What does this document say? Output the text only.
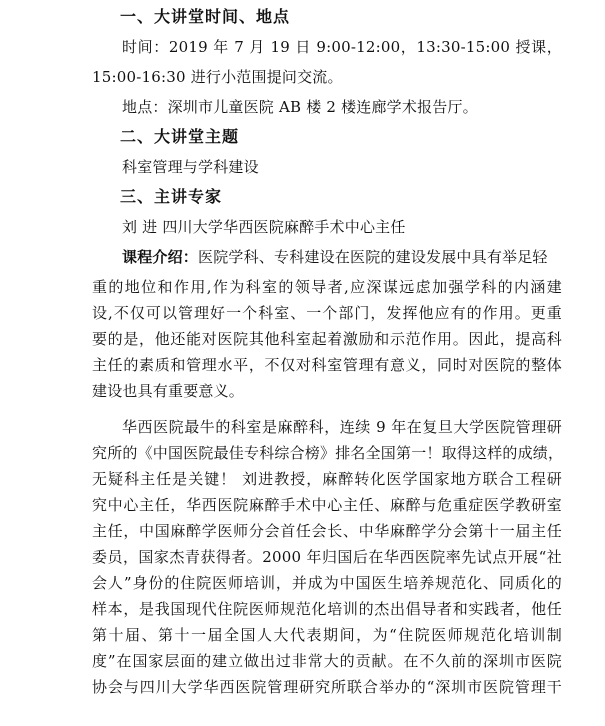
一、大讲堂时间、地点
时间：2019 年 7 月 19 日 9:00-12:00，13:30-15:00 授课，
15:00-16:30 进行小范围提问交流。
地点：深圳市儿童医院 AB 楼 2 楼连廊学术报告厅。
二、大讲堂主题
科室管理与学科建设
三、主讲专家
刘 进 四川大学华西医院麻醉手术中心主任
课程介绍：医院学科、专科建设在医院的建设发展中具有举足轻
重的地位和作用,作为科室的领导者,应深谋远虑加强学科的内涵建
设,不仅可以管理好一个科室、一个部门，发挥他应有的作用。更重
要的是，他还能对医院其他科室起着激励和示范作用。因此，提高科
主任的素质和管理水平，不仅对科室管理有意义，同时对医院的整体
建设也具有重要意义。
华西医院最牛的科室是麻醉科，连续 9 年在复旦大学医院管理研
究所的《中国医院最佳专科综合榜》排名全国第一！取得这样的成绩，
无疑科主任是关键！ 刘进教授，麻醉转化医学国家地方联合工程研
究中心主任，华西医院麻醉手术中心主任、麻醉与危重症医学教研室
主任，中国麻醉学医师分会首任会长、中华麻醉学分会第十一届主任
委员，国家杰青获得者。2000 年归国后在华西医院率先试点开展“社
会人”身份的住院医师培训，并成为中国医生培养规范化、同质化的
样本，是我国现代住院医师规范化培训的杰出倡导者和实践者，他任
第十届、第十一届全国人大代表期间，为“住院医师规范化培训制
度”在国家层面的建立做出过非常大的贡献。在不久前的深圳市医院
协会与四川大学华西医院管理研究所联合举办的“深圳市医院管理干
